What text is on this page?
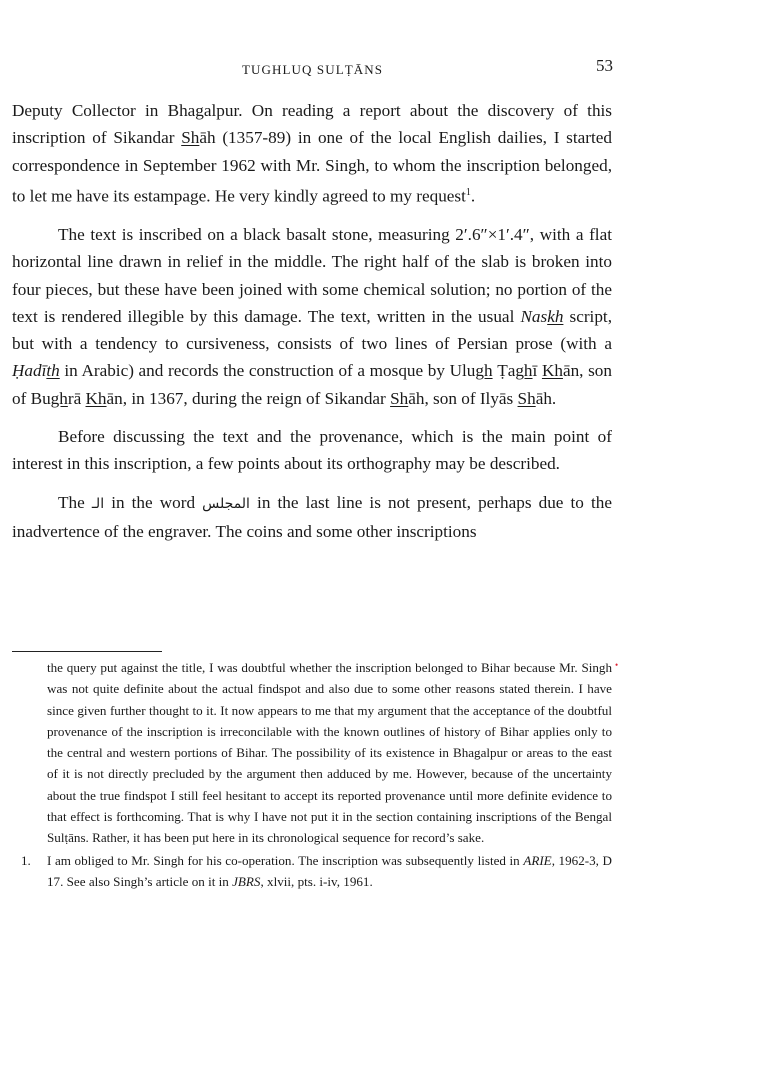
TUGHLUQ SULṬĀNS	53

Deputy Collector in Bhagalpur. On reading a report about the discovery of this inscription of Sikandar Shāh (1357-89) in one of the local English dailies, I started correspondence in September 1962 with Mr. Singh, to whom the inscription belonged, to let me have its estampage. He very kindly agreed to my request$^1$.

The text is inscribed on a black basalt stone, measuring 2′.6″×1′.4″, with a flat horizontal line drawn in relief in the middle. The right half of the slab is broken into four pieces, but these have been joined with some chemical solution; no portion of the text is rendered illegible by this damage. The text, written in the usual Naskh script, but with a tendency to cursiveness, consists of two lines of Persian prose (with a Ḥadīth in Arabic) and records the construction of a mosque by Ulugh Ṭaghī Khān, son of Bughrā Khān, in 1367, during the reign of Sikandar Shāh, son of Ilyās Shāh.

Before discussing the text and the provenance, which is the main point of interest in this inscription, a few points about its orthography may be described.

The الـ in the word المجلس in the last line is not present, perhaps due to the inadvertence of the engraver. The coins and some other inscriptions

•

the query put against the title, I was doubtful whether the inscription belonged to Bihar because Mr. Singh was not quite definite about the actual findspot and also due to some other reasons stated therein. I have since given further thought to it. It now appears to me that my argument that the acceptance of the doubtful provenance of the inscription is irreconcilable with the known outlines of history of Bihar applies only to the central and western portions of Bihar. The possibility of its existence in Bhagalpur or areas to the east of it is not directly precluded by the argument then adduced by me. However, because of the uncertainty about the true findspot I still feel hesitant to accept its reported provenance until more definite evidence to that effect is forthcoming. That is why I have not put it in the section containing inscriptions of the Bengal Sulṭāns. Rather, it has been put here in its chronological sequence for record’s sake.

1. I am obliged to Mr. Singh for his co-operation. The inscription was subsequently listed in ARIE, 1962-3, D 17. See also Singh’s article on it in JBRS, xlvii, pts. i-iv, 1961.
